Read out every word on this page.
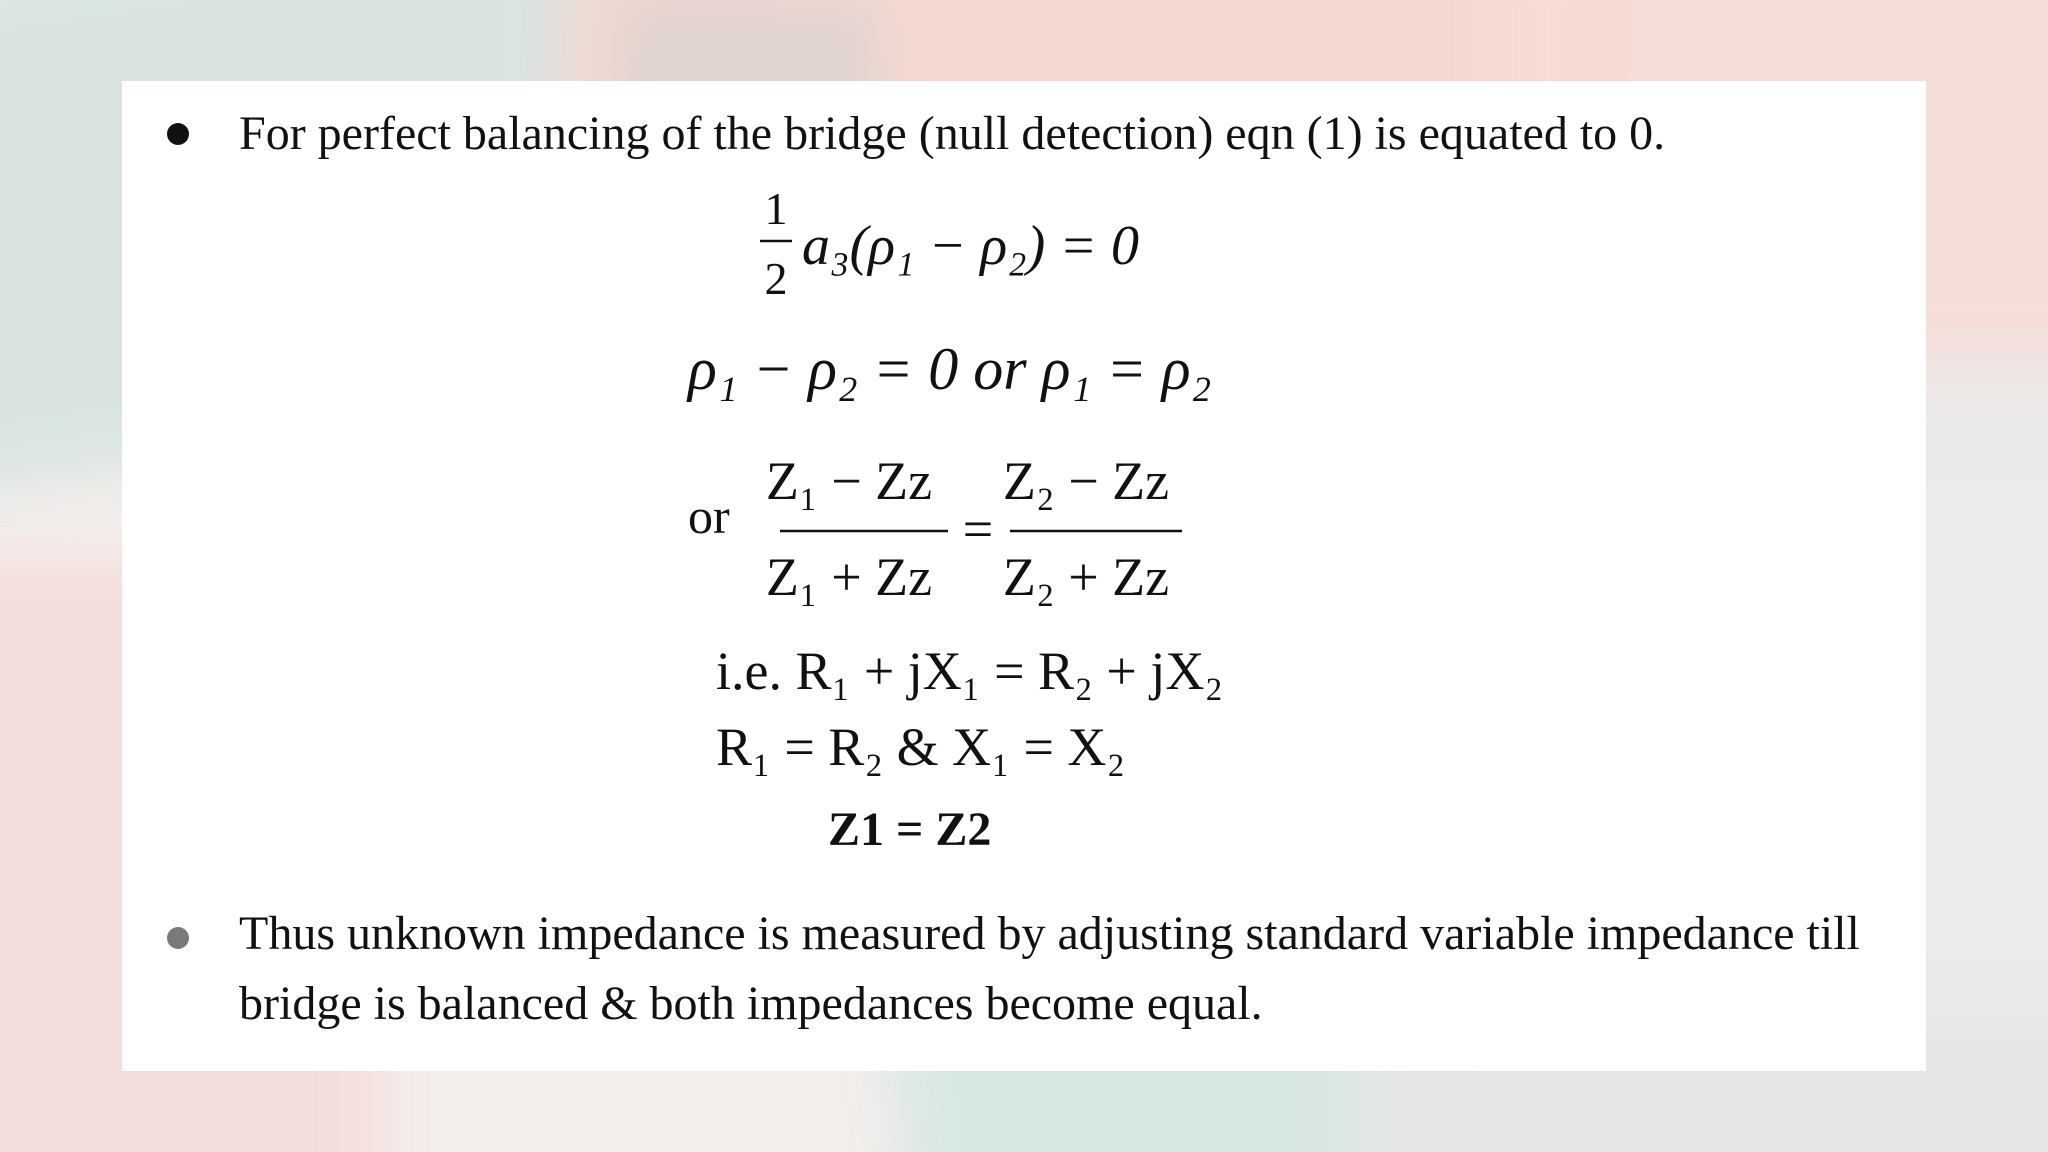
For perfect balancing of the bridge (null detection) eqn (1) is equated to 0.
1
2
a₃(ρ₁ − ρ₂) = 0
ρ₁ − ρ₂ = 0 or ρ₁ = ρ₂
or
Z₁ − Zz
Z₁ + Zz
=
Z₂ − Zz
Z₂ + Zz
i.e. R₁ + jX₁ = R₂ + jX₂
R₁ = R₂ & X₁ = X₂
Z1 = Z2
Thus unknown impedance is measured by adjusting standard variable impedance till bridge is balanced & both impedances become equal.
